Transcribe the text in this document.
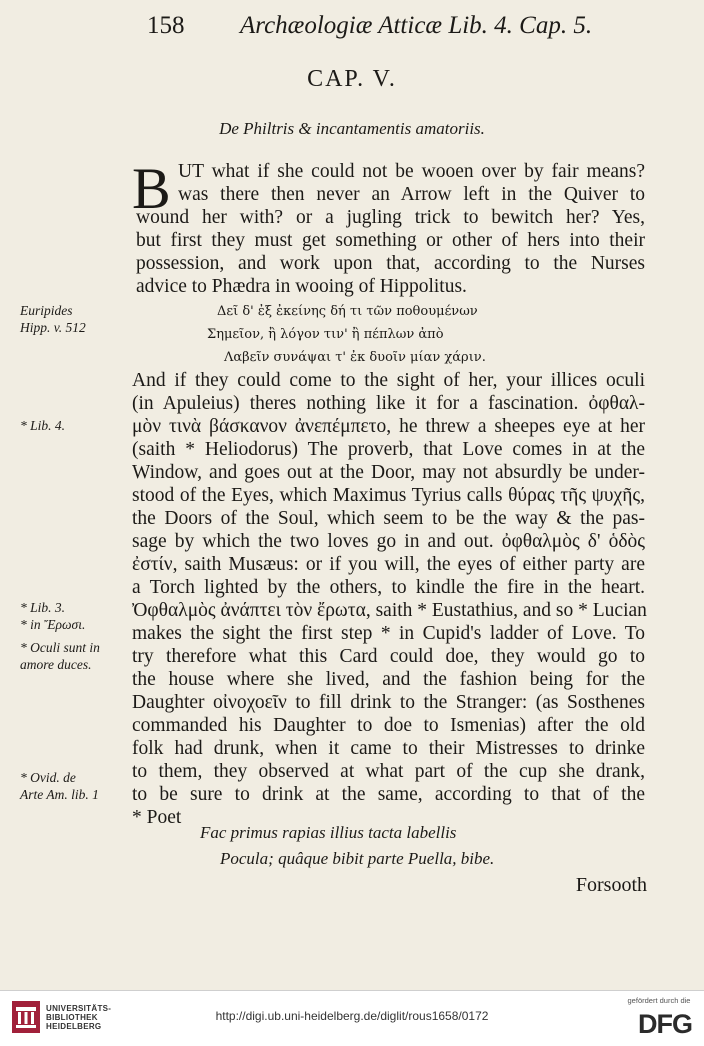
158 Archæologiæ Atticæ Lib. 4. Cap. 5.
CAP. V.
De Philtris & incantamentis amatoriis.
B UT what if she could not be wooen over by fair means?

was there then never an Arrow left in the Quiver to

wound her with? or a jugling trick to bewitch her? Yes,

but first they must get something or other of hers into their

possession, and work upon that, according to the Nurses

advice to Phædra in wooing of Hippolitus.

Δεῖ δ' ἐξ ἐκείνης δή τι τῶν ποθουμένων

Σημεῖον, ἢ λόγον τιν' ἢ πέπλων ἀπὸ

Λαβεῖν συνάψαι τ' ἐκ δυοῖν μίαν χάριν.

And if they could come to the sight of her, your illices oculi

(in Apuleius) theres nothing like it for a fascination. ὀφθαλ-

μὸν τινὰ βάσκανον ἀνεπέμπετο, he threw a sheepes eye at her

(saith * Heliodorus) The proverb, that Love comes in at the

Window, and goes out at the Door, may not absurdly be under-

stood of the Eyes, which Maximus Tyrius calls θύρας τῆς ψυχῆς,

the Doors of the Soul, which seem to be the way & the pas-

sage by which the two loves go in and out. ὀφθαλμὸς δ' ὁδὸς

ἐστίν, saith Musæus: or if you will, the eyes of either party are

a Torch lighted by the others, to kindle the fire in the heart.

Ὀφθαλμὸς ἀνάπτει τὸν ἔρωτα, saith * Eustathius, and so * Lucian

makes the sight the first step * in Cupid's ladder of Love. To

try therefore what this Card could doe, they would go to

the house where she lived, and the fashion being for the

Daughter οἰνοχοεῖν to fill drink to the Stranger: (as Sosthenes

commanded his Daughter to doe to Ismenias) after the old

folk had drunk, when it came to their Mistresses to drinke

to them, they observed at what part of the cup she drank,

to be sure to drink at the same, according to that of the

* Poet

Fac primus rapias illius tacta labellis

Pocula; quâque bibit parte Puella, bibe.

Forsooth

Euripides

Hipp. v. 512

* Lib. 4.

* Lib. 3.

* in Ἔρωσι.

* Oculi sunt in

amore duces.

* Ovid. de

Arte Am. lib. 1

UNIVERSITÄTS-
BIBLIOTHEK
HEIDELBERG
http://digi.ub.uni-heidelberg.de/diglit/rous1658/0172
gefördert durch die
DFG
